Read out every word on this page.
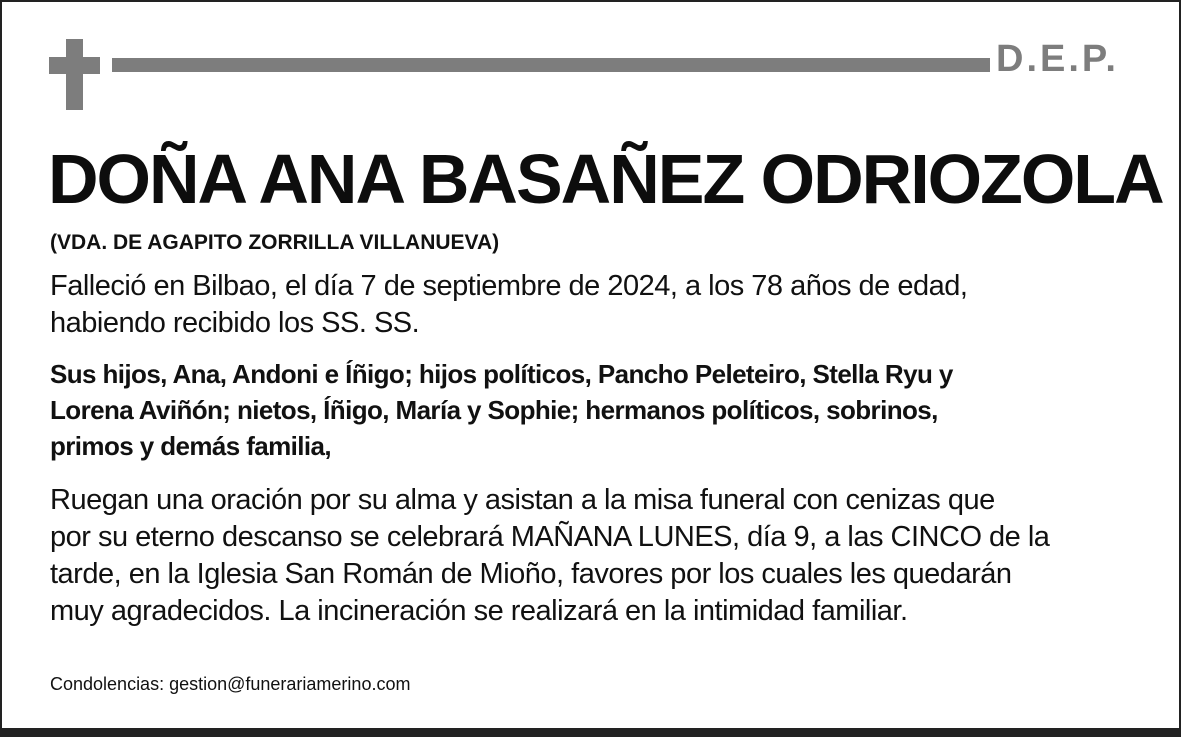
D.E.P.
DOÑA ANA BASAÑEZ ODRIOZOLA
(VDA. DE AGAPITO ZORRILLA VILLANUEVA)
Falleció en Bilbao, el día 7 de septiembre de 2024, a los 78 años de edad,
habiendo recibido los SS. SS.
Sus hijos, Ana, Andoni e Íñigo; hijos políticos, Pancho Peleteiro, Stella Ryu y
Lorena Aviñón; nietos, Íñigo, María y Sophie; hermanos políticos, sobrinos,
primos y demás familia,
Ruegan una oración por su alma y asistan a la misa funeral con cenizas que
por su eterno descanso se celebrará MAÑANA LUNES, día 9, a las CINCO de la
tarde, en la Iglesia San Román de Mioño, favores por los cuales les quedarán
muy agradecidos. La incineración se realizará en la intimidad familiar.
Condolencias: gestion@funerariamerino.com
